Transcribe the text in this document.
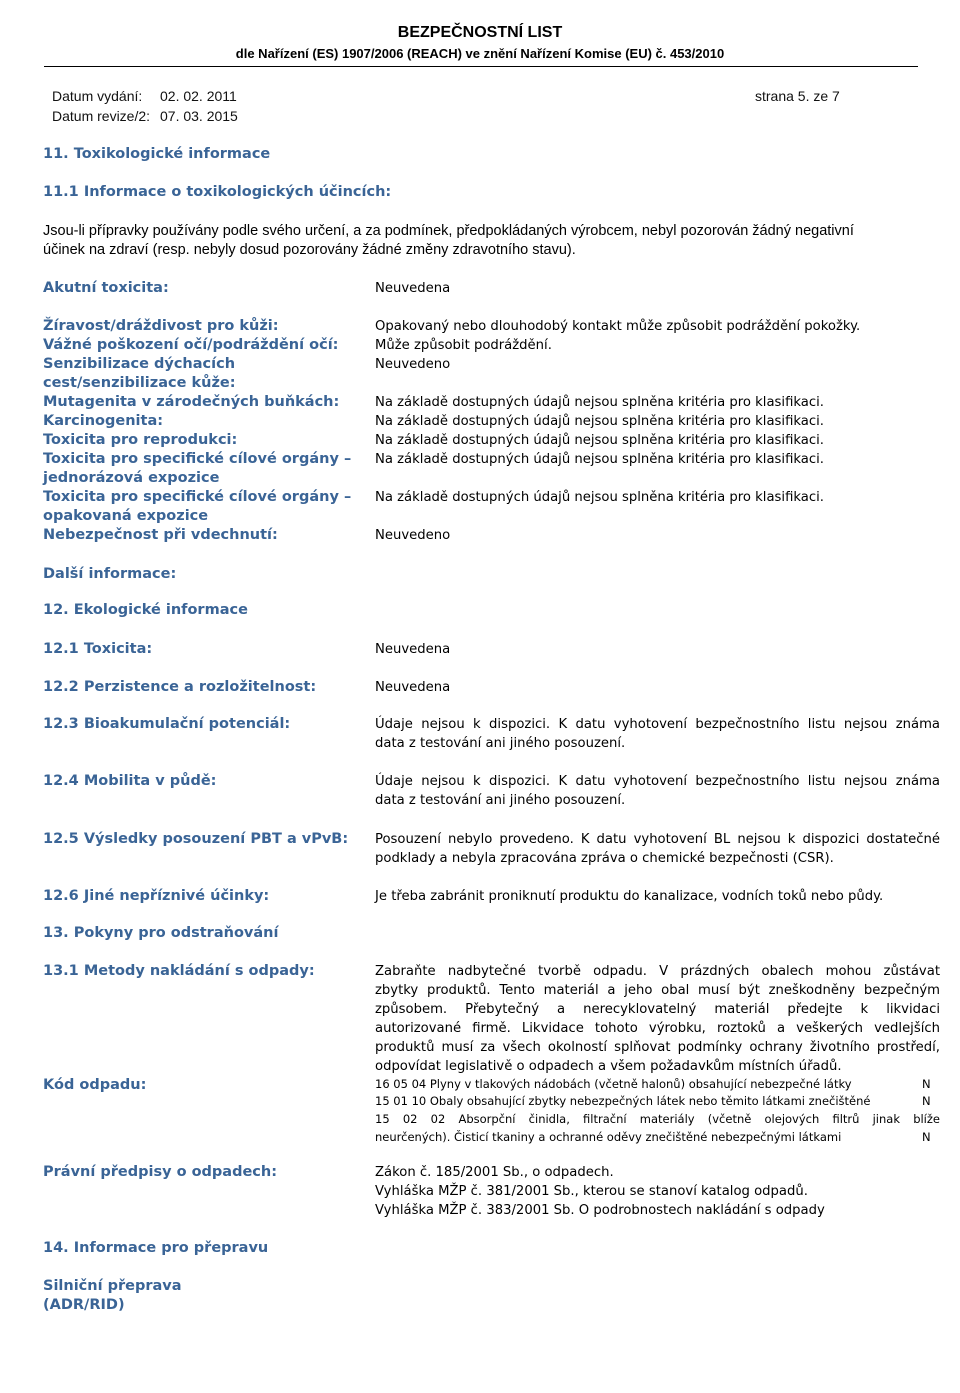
BEZPEČNOSTNÍ LIST
dle Nařízení (ES) 1907/2006 (REACH) ve znění Nařízení Komise (EU) č. 453/2010
Datum vydání: 02. 02. 2011
Datum revize/2: 07. 03. 2015
strana 5. ze 7
11. Toxikologické informace
11.1 Informace o toxikologických účincích:
Jsou-li přípravky používány podle svého určení, a za podmínek, předpokládaných výrobcem, nebyl pozorován žádný negativní
účinek na zdraví (resp. nebyly dosud pozorovány žádné změny zdravotního stavu).
Akutní toxicita:	Neuvedena
Žíravost/dráždivost pro kůži:	Opakovaný nebo dlouhodobý kontakt může způsobit podráždění pokožky.
Vážné poškození očí/podráždění očí:	Může způsobit podráždění.
Senzibilizace dýchacích	Neuvedeno
cest/senzibilizace kůže:
Mutagenita v zárodečných buňkách:	Na základě dostupných údajů nejsou splněna kritéria pro klasifikaci.
Karcinogenita:	Na základě dostupných údajů nejsou splněna kritéria pro klasifikaci.
Toxicita pro reprodukci:	Na základě dostupných údajů nejsou splněna kritéria pro klasifikaci.
Toxicita pro specifické cílové orgány – Na základě dostupných údajů nejsou splněna kritéria pro klasifikaci.
jednorázová expozice
Toxicita pro specifické cílové orgány – Na základě dostupných údajů nejsou splněna kritéria pro klasifikaci.
opakovaná expozice
Nebezpečnost při vdechnutí:	Neuvedeno
Další informace:
12. Ekologické informace
12.1 Toxicita:	Neuvedena
12.2 Perzistence a rozložitelnost:	Neuvedena
12.3 Bioakumulační potenciál:	Údaje nejsou k dispozici. K datu vyhotovení bezpečnostního listu nejsou známa
data z testování ani jiného posouzení.
12.4 Mobilita v půdě:	Údaje nejsou k dispozici. K datu vyhotovení bezpečnostního listu nejsou známa
data z testování ani jiného posouzení.
12.5 Výsledky posouzení PBT a vPvB: Posouzení nebylo provedeno. K datu vyhotovení BL nejsou k dispozici dostatečné
podklady a nebyla zpracována zpráva o chemické bezpečnosti (CSR).
12.6 Jiné nepříznivé účinky:	Je třeba zabránit proniknutí produktu do kanalizace, vodních toků nebo půdy.
13. Pokyny pro odstraňování
13.1 Metody nakládání s odpady:	Zabraňte nadbytečné tvorbě odpadu. V prázdných obalech mohou zůstávat
zbytky produktů. Tento materiál a jeho obal musí být zneškodněny bezpečným
způsobem. Přebytečný a nerecyklovatelný materiál předejte k likvidaci
autorizované firmě. Likvidace tohoto výrobku, roztoků a veškerých vedlejších
produktů musí za všech okolností splňovat podmínky ochrany životního prostředí,
odpovídat legislativě o odpadech a všem požadavkům místních úřadů.
Kód odpadu:	16 05 04 Plyny v tlakových nádobách (včetně halonů) obsahující nebezpečné látky	N
15 01 10 Obaly obsahující zbytky nebezpečných látek nebo těmito látkami znečištěné	N
15 02 02 Absorpční činidla, filtrační materiály (včetně olejových filtrů jinak blíže
neurčených). Čisticí tkaniny a ochranné oděvy znečištěné nebezpečnými látkami	N
Právní předpisy o odpadech:	Zákon č. 185/2001 Sb., o odpadech.
Vyhláška MŽP č. 381/2001 Sb., kterou se stanoví katalog odpadů.
Vyhláška MŽP č. 383/2001 Sb. O podrobnostech nakládání s odpady
14. Informace pro přepravu
Silniční přeprava
(ADR/RID)
